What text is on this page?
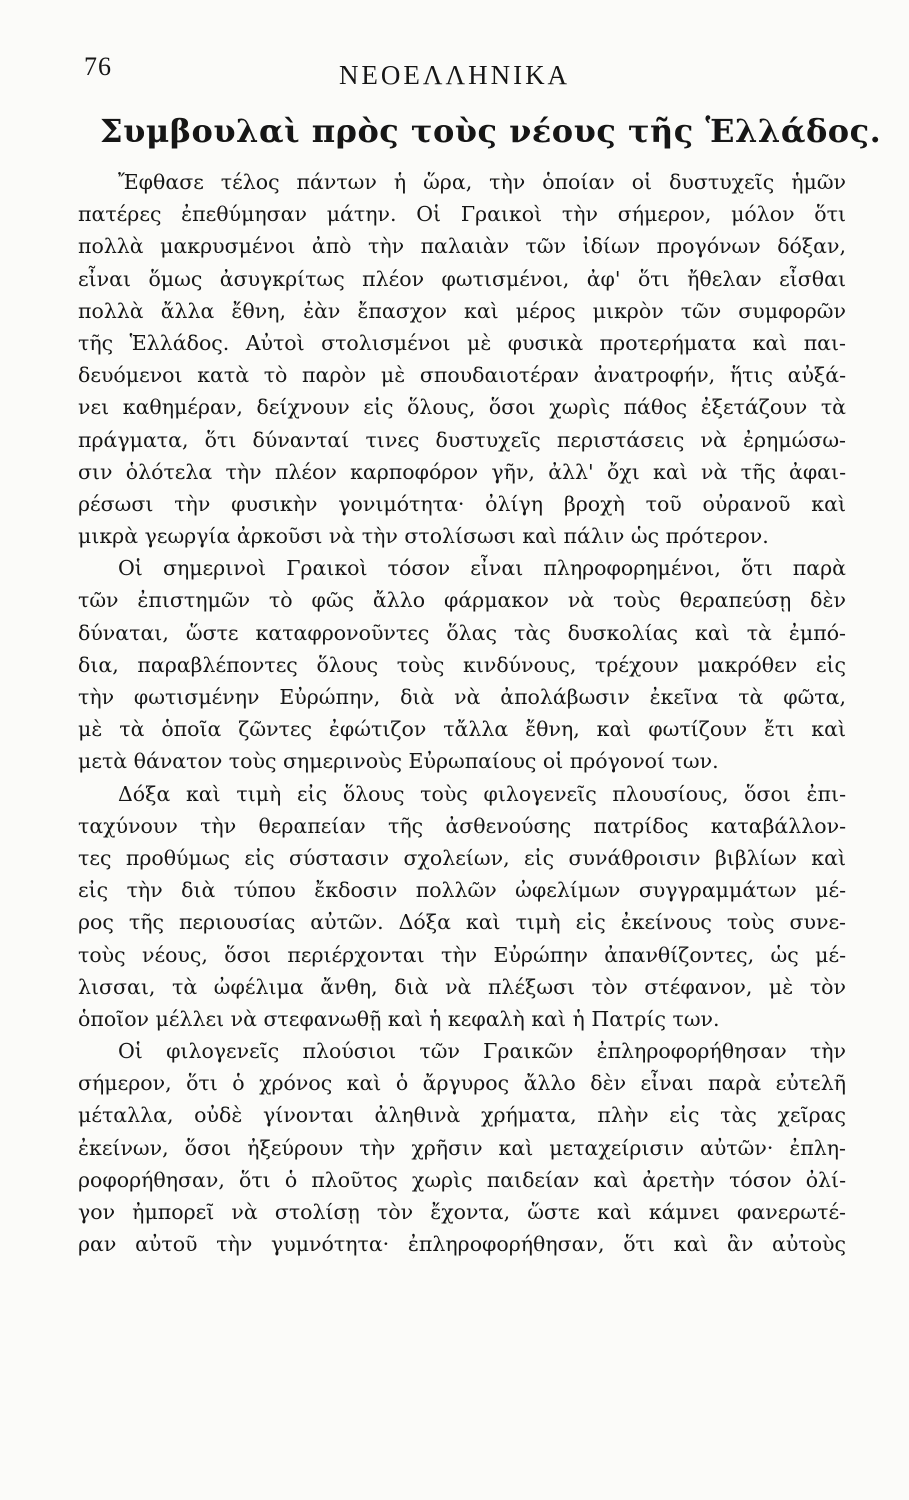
76	ΝΕΟΕΛΛΗΝΙΚΑ
Συμβουλαὶ πρὸς τοὺς νέους τῆς Ἑλλάδος.
Ἔφθασε τέλος πάντων ἡ ὥρα, τὴν ὁποίαν οἱ δυστυχεῖς ἡμῶν
πατέρες ἐπεθύμησαν μάτην. Οἱ Γραικοὶ τὴν σήμερον, μόλον ὅτι
πολλὰ μακρυσμένοι ἀπὸ τὴν παλαιὰν τῶν ἰδίων προγόνων δόξαν,
εἶναι ὅμως ἀσυγκρίτως πλέον φωτισμένοι, ἀφ' ὅτι ἤθελαν εἶσθαι
πολλὰ ἄλλα ἔθνη, ἐὰν ἔπασχον καὶ μέρος μικρὸν τῶν συμφορῶν
τῆς Ἑλλάδος. Αὐτοὶ στολισμένοι μὲ φυσικὰ προτερήματα καὶ παι-
δευόμενοι κατὰ τὸ παρὸν μὲ σπουδαιοτέραν ἀνατροφήν, ἥτις αὐξά-
νει καθημέραν, δείχνουν εἰς ὅλους, ὅσοι χωρὶς πάθος ἐξετάζουν τὰ
πράγματα, ὅτι δύνανταί τινες δυστυχεῖς περιστάσεις νὰ ἐρημώσω-
σιν ὁλότελα τὴν πλέον καρποφόρον γῆν, ἀλλ' ὄχι καὶ νὰ τῆς ἀφαι-
ρέσωσι τὴν φυσικὴν γονιμότητα· ὀλίγη βροχὴ τοῦ οὐρανοῦ καὶ
μικρὰ γεωργία ἀρκοῦσι νὰ τὴν στολίσωσι καὶ πάλιν ὡς πρότερον.
Οἱ σημερινοὶ Γραικοὶ τόσον εἶναι πληροφορημένοι, ὅτι παρὰ
τῶν ἐπιστημῶν τὸ φῶς ἄλλο φάρμακον νὰ τοὺς θεραπεύσῃ δὲν
δύναται, ὥστε καταφρονοῦντες ὅλας τὰς δυσκολίας καὶ τὰ ἐμπό-
δια, παραβλέποντες ὅλους τοὺς κινδύνους, τρέχουν μακρόθεν εἰς
τὴν φωτισμένην Εὐρώπην, διὰ νὰ ἀπολάβωσιν ἐκεῖνα τὰ φῶτα,
μὲ τὰ ὁποῖα ζῶντες ἐφώτιζον τἄλλα ἔθνη, καὶ φωτίζουν ἔτι καὶ
μετὰ θάνατον τοὺς σημερινοὺς Εὐρωπαίους οἱ πρόγονοί των.
Δόξα καὶ τιμὴ εἰς ὅλους τοὺς φιλογενεῖς πλουσίους, ὅσοι ἐπι-
ταχύνουν τὴν θεραπείαν τῆς ἀσθενούσης πατρίδος καταβάλλον-
τες προθύμως εἰς σύστασιν σχολείων, εἰς συνάθροισιν βιβλίων καὶ
εἰς τὴν διὰ τύπου ἔκδοσιν πολλῶν ὠφελίμων συγγραμμάτων μέ-
ρος τῆς περιουσίας αὐτῶν. Δόξα καὶ τιμὴ εἰς ἐκείνους τοὺς συνε-
τοὺς νέους, ὅσοι περιέρχονται τὴν Εὐρώπην ἀπανθίζοντες, ὡς μέ-
λισσαι, τὰ ὠφέλιμα ἄνθη, διὰ νὰ πλέξωσι τὸν στέφανον, μὲ τὸν
ὁποῖον μέλλει νὰ στεφανωθῇ καὶ ἡ κεφαλὴ καὶ ἡ Πατρίς των.
Οἱ φιλογενεῖς πλούσιοι τῶν Γραικῶν ἐπληροφορήθησαν τὴν
σήμερον, ὅτι ὁ χρόνος καὶ ὁ ἄργυρος ἄλλο δὲν εἶναι παρὰ εὐτελῆ
μέταλλα, οὐδὲ γίνονται ἀληθινὰ χρήματα, πλὴν εἰς τὰς χεῖρας
ἐκείνων, ὅσοι ἠξεύρουν τὴν χρῆσιν καὶ μεταχείρισιν αὐτῶν· ἐπλη-
ροφορήθησαν, ὅτι ὁ πλοῦτος χωρὶς παιδείαν καὶ ἀρετὴν τόσον ὀλί-
γον ἠμπορεῖ νὰ στολίσῃ τὸν ἔχοντα, ὥστε καὶ κάμνει φανερωτέ-
ραν αὐτοῦ τὴν γυμνότητα· ἐπληροφορήθησαν, ὅτι καὶ ἂν αὐτοὺς
